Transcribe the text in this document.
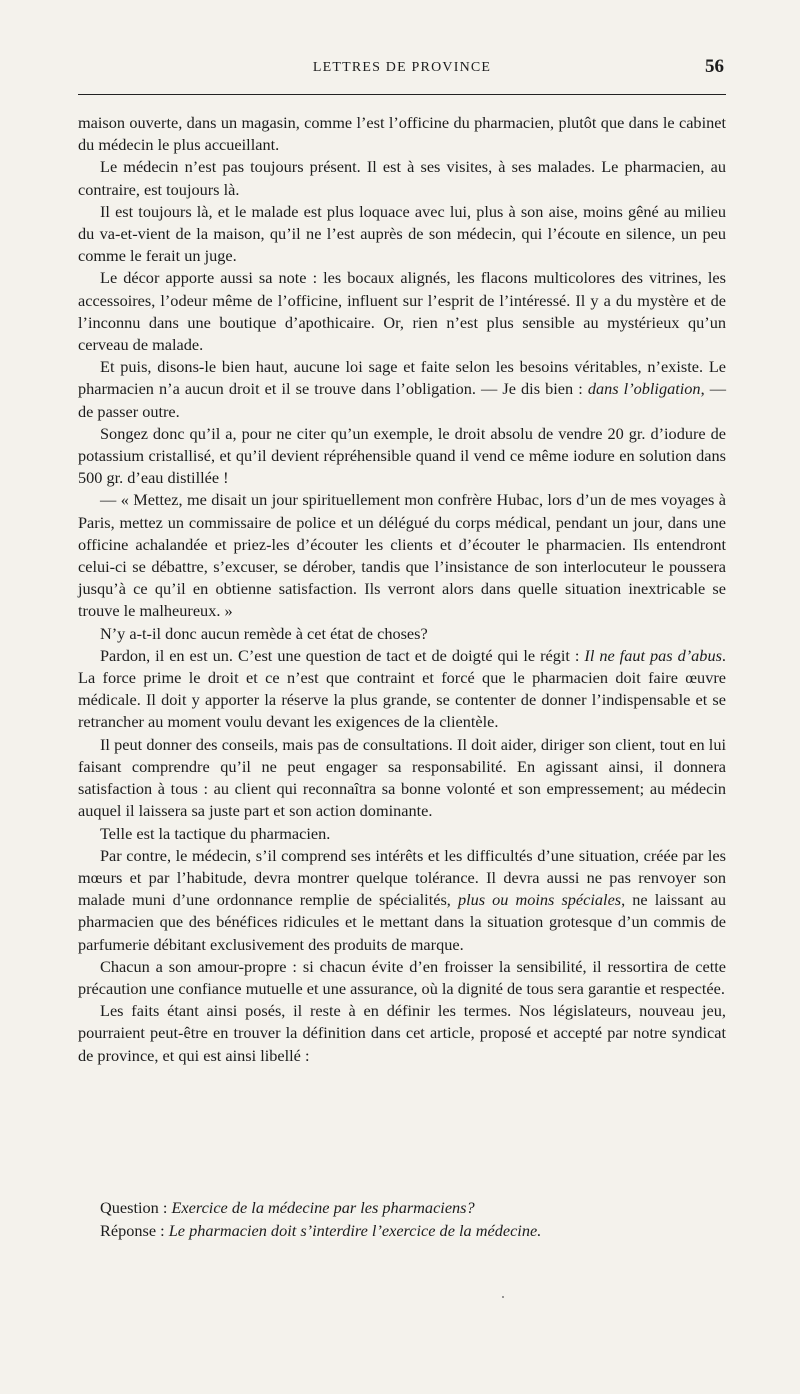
LETTRES DE PROVINCE	56

maison ouverte, dans un magasin, comme l’est l’officine du pharmacien, plutôt que dans le cabinet du médecin le plus accueillant.

Le médecin n’est pas toujours présent. Il est à ses visites, à ses malades. Le pharmacien, au contraire, est toujours là.

Il est toujours là, et le malade est plus loquace avec lui, plus à son aise, moins gêné au milieu du va-et-vient de la maison, qu’il ne l’est auprès de son médecin, qui l’écoute en silence, un peu comme le ferait un juge.

Le décor apporte aussi sa note : les bocaux alignés, les flacons multicolores des vitrines, les accessoires, l’odeur même de l’officine, influent sur l’esprit de l’intéressé. Il y a du mystère et de l’inconnu dans une boutique d’apothicaire. Or, rien n’est plus sensible au mystérieux qu’un cerveau de malade.

Et puis, disons-le bien haut, aucune loi sage et faite selon les besoins véritables, n’existe. Le pharmacien n’a aucun droit et il se trouve dans l’obligation. — Je dis bien : dans l’obligation, — de passer outre.

Songez donc qu’il a, pour ne citer qu’un exemple, le droit absolu de vendre 20 gr. d’iodure de potassium cristallisé, et qu’il devient répréhensible quand il vend ce même iodure en solution dans 500 gr. d’eau distillée !

— « Mettez, me disait un jour spirituellement mon confrère Hubac, lors d’un de mes voyages à Paris, mettez un commissaire de police et un délégué du corps médical, pendant un jour, dans une officine achalandée et priez-les d’écouter les clients et d’écouter le pharmacien. Ils entendront celui-ci se débattre, s’excuser, se dérober, tandis que l’insistance de son interlocuteur le poussera jusqu’à ce qu’il en obtienne satisfaction. Ils verront alors dans quelle situation inextricable se trouve le malheureux. »

N’y a-t-il donc aucun remède à cet état de choses?

Pardon, il en est un. C’est une question de tact et de doigté qui le régit : Il ne faut pas d’abus. La force prime le droit et ce n’est que contraint et forcé que le pharmacien doit faire œuvre médicale. Il doit y apporter la réserve la plus grande, se contenter de donner l’indispensable et se retrancher au moment voulu devant les exigences de la clientèle.

Il peut donner des conseils, mais pas de consultations. Il doit aider, diriger son client, tout en lui faisant comprendre qu’il ne peut engager sa responsabilité. En agissant ainsi, il donnera satisfaction à tous : au client qui reconnaîtra sa bonne volonté et son empressement; au médecin auquel il laissera sa juste part et son action dominante.

Telle est la tactique du pharmacien.

Par contre, le médecin, s’il comprend ses intérêts et les difficultés d’une situation, créée par les mœurs et par l’habitude, devra montrer quelque tolérance. Il devra aussi ne pas renvoyer son malade muni d’une ordonnance remplie de spécialités, plus ou moins spéciales, ne laissant au pharmacien que des bénéfices ridicules et le mettant dans la situation grotesque d’un commis de parfumerie débitant exclusivement des produits de marque.

Chacun a son amour-propre : si chacun évite d’en froisser la sensibilité, il ressortira de cette précaution une confiance mutuelle et une assurance, où la dignité de tous sera garantie et respectée.

Les faits étant ainsi posés, il reste à en définir les termes. Nos législateurs, nouveau jeu, pourraient peut-être en trouver la définition dans cet article, proposé et accepté par notre syndicat de province, et qui est ainsi libellé :

Question : Exercice de la médecine par les pharmaciens?
Réponse : Le pharmacien doit s’interdire l’exercice de la médecine.
